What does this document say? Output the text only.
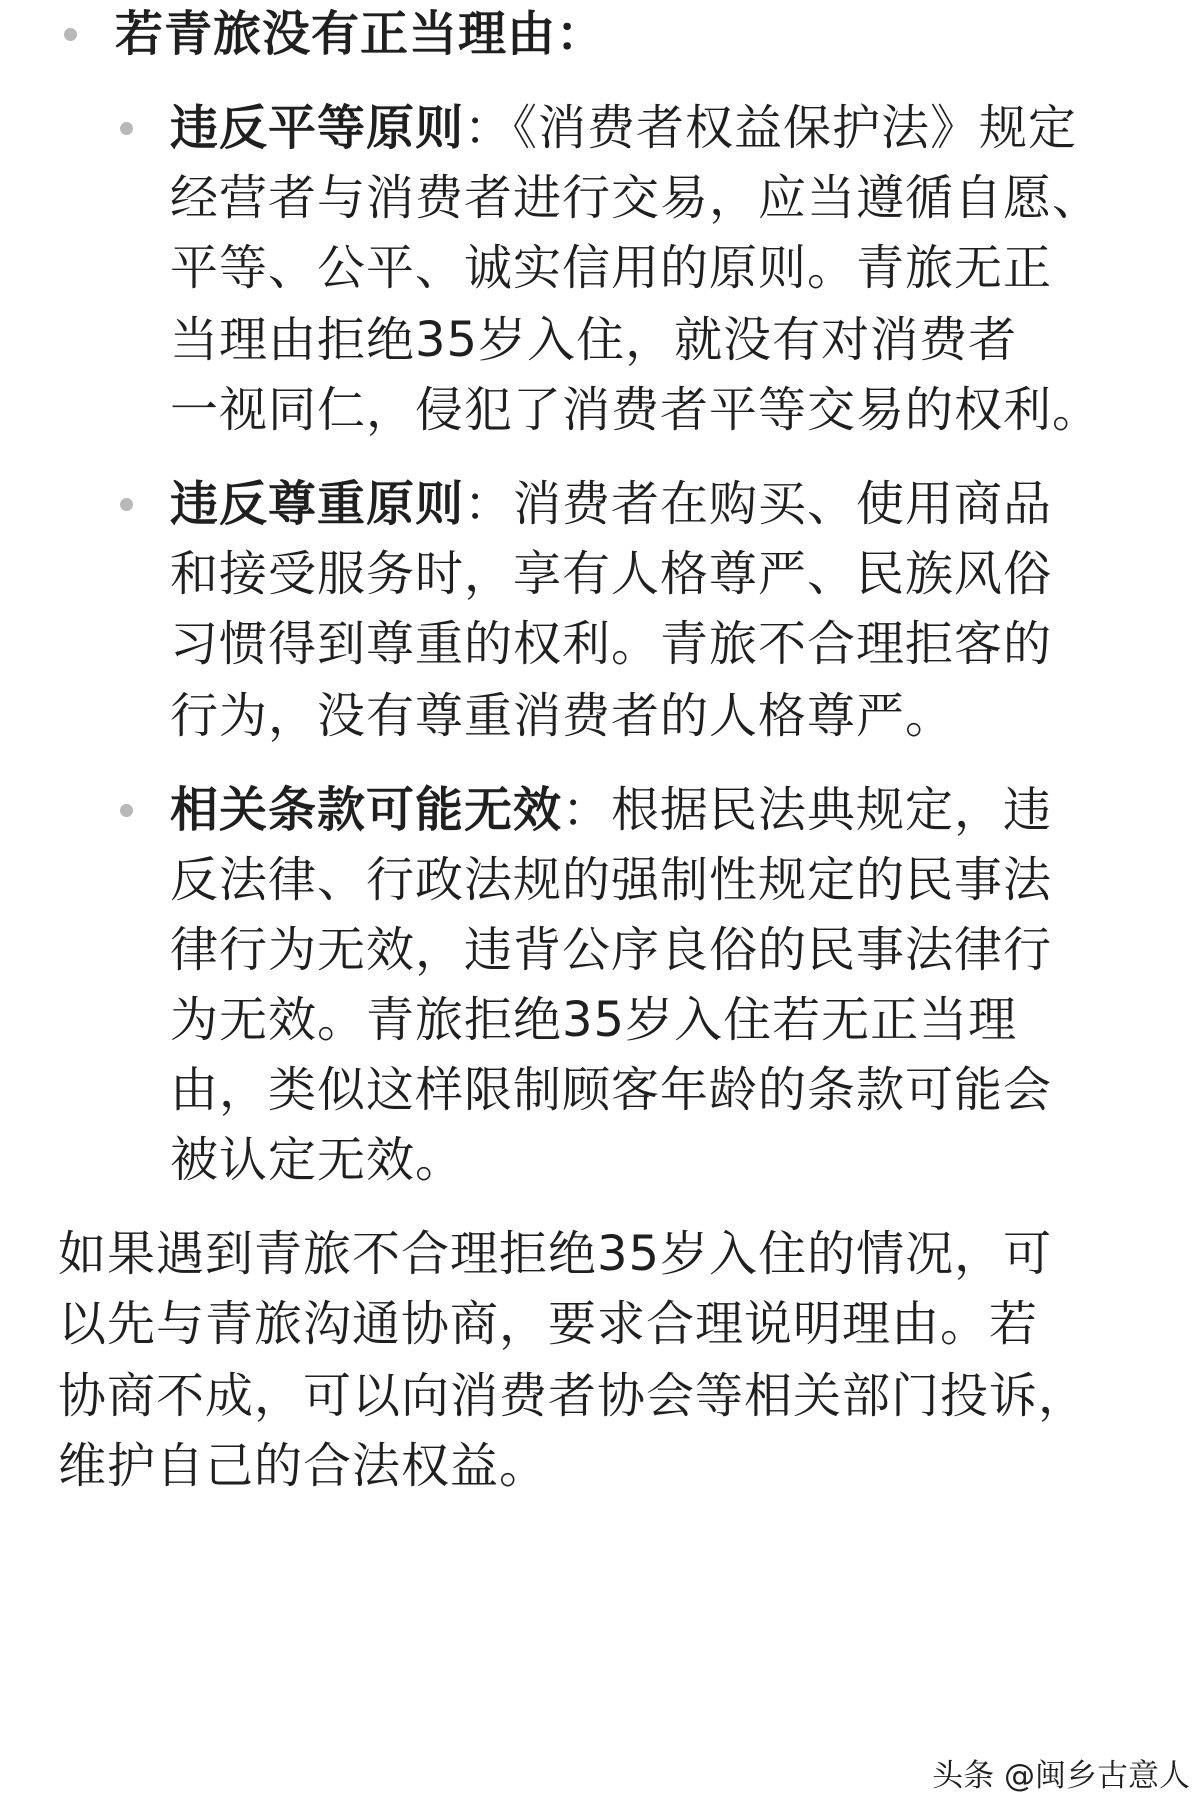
若青旅没有正当理由：
违反平等原则：《消费者权益保护法》规定
经营者与消费者进行交易，应当遵循自愿、
平等、公平、诚实信用的原则。青旅无正
当理由拒绝35岁入住，就没有对消费者
一视同仁，侵犯了消费者平等交易的权利。
违反尊重原则：消费者在购买、使用商品
和接受服务时，享有人格尊严、民族风俗
习惯得到尊重的权利。青旅不合理拒客的
行为，没有尊重消费者的人格尊严。
相关条款可能无效：根据民法典规定，违
反法律、行政法规的强制性规定的民事法
律行为无效，违背公序良俗的民事法律行
为无效。青旅拒绝35岁入住若无正当理
由，类似这样限制顾客年龄的条款可能会
被认定无效。
如果遇到青旅不合理拒绝35岁入住的情况，可
以先与青旅沟通协商，要求合理说明理由。若
协商不成，可以向消费者协会等相关部门投诉，
维护自己的合法权益。
头条 @闽乡古意人
